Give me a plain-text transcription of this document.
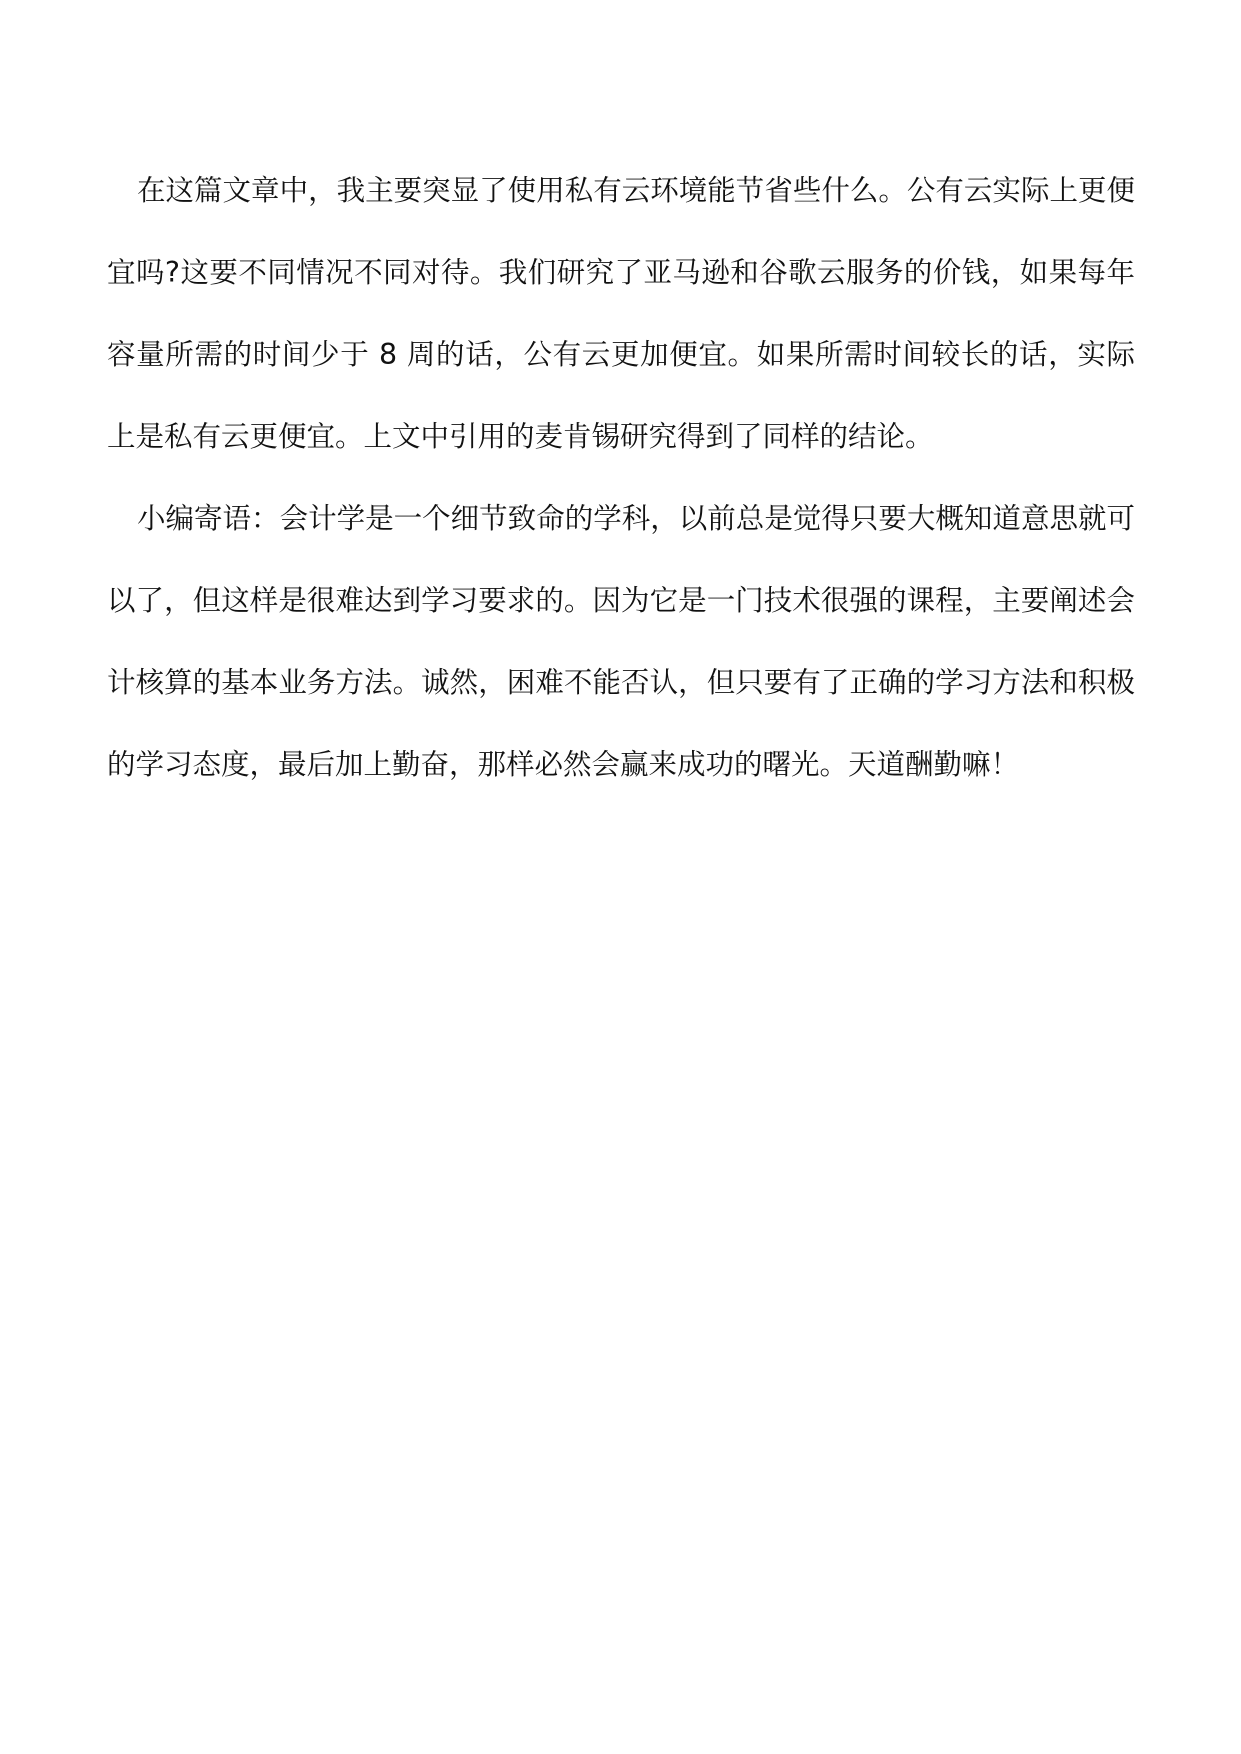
在这篇文章中，我主要突显了使用私有云环境能节省些什么。公有云实际上更便宜吗?这要不同情况不同对待。我们研究了亚马逊和谷歌云服务的价钱，如果每年容量所需的时间少于 8 周的话，公有云更加便宜。如果所需时间较长的话，实际上是私有云更便宜。上文中引用的麦肯锡研究得到了同样的结论。

小编寄语：会计学是一个细节致命的学科，以前总是觉得只要大概知道意思就可以了，但这样是很难达到学习要求的。因为它是一门技术很强的课程，主要阐述会计核算的基本业务方法。诚然，困难不能否认，但只要有了正确的学习方法和积极的学习态度，最后加上勤奋，那样必然会赢来成功的曙光。天道酬勤嘛！
